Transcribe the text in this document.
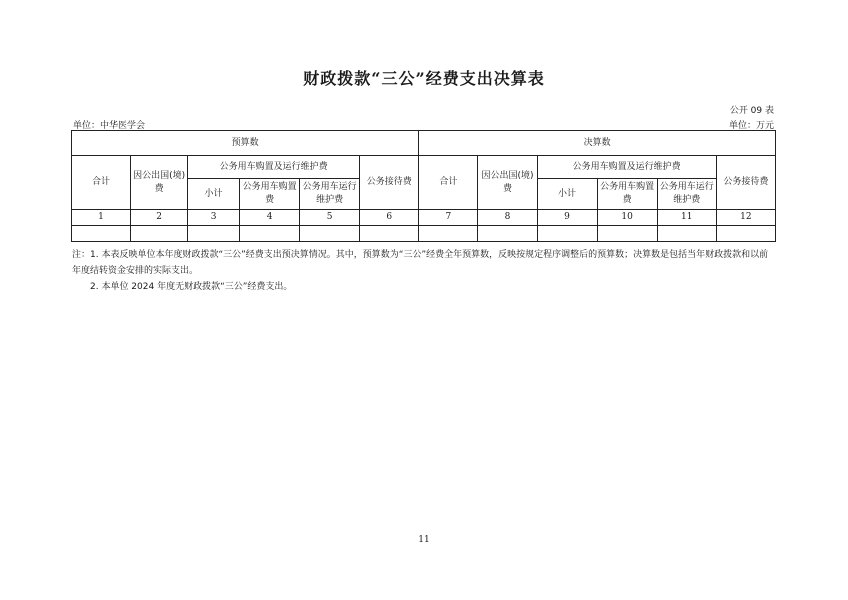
财政拨款“三公”经费支出决算表
公开 09 表
单位：中华医学会	单位：万元
预算数						决算数					
合计	因公出国(境)费	公务用车购置及运行维护费			公务接待费	合计	因公出国(境)费	公务用车购置及运行维护费			公务接待费
		小计	公务用车购置费	公务用车运行维护费				小计	公务用车购置费	公务用车运行维护费	
1	2	3	4	5	6	7	8	9	10	11	12

注：1. 本表反映单位本年度财政拨款“三公”经费支出预决算情况。其中，预算数为“三公”经费全年预算数，反映按规定程序调整后的预算数；决算数是包括当年财政拨款和以前年度结转资金安排的实际支出。

2. 本单位 2024 年度无财政拨款“三公”经费支出。

11
